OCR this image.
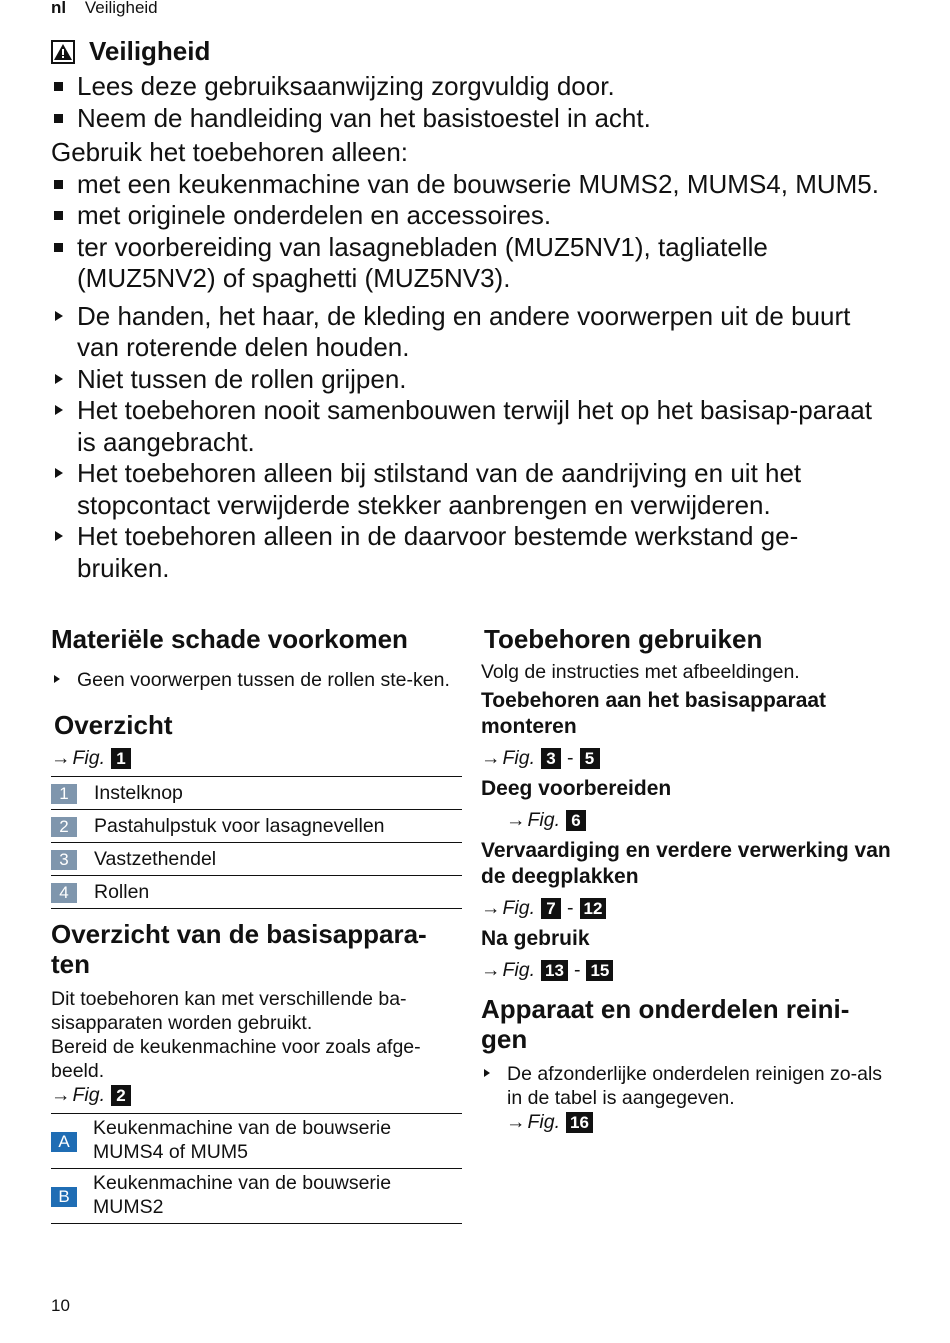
nl Veiligheid
Veiligheid
Lees deze gebruiksaanwijzing zorgvuldig door.
Neem de handleiding van het basistoestel in acht.

Gebruik het toebehoren alleen:

met een keukenmachine van de bouwserie MUMS2, MUMS4, MUM5.
met originele onderdelen en accessoires.
ter voorbereiding van lasagnebladen (MUZ5NV1), tagliatelle (MUZ5NV2) of spaghetti (MUZ5NV3).
De handen, het haar, de kleding en andere voorwerpen uit de buurt van roterende delen houden.
Niet tussen de rollen grijpen.
Het toebehoren nooit samenbouwen terwijl het op het basisap-paraat is aangebracht.
Het toebehoren alleen bij stilstand van de aandrijving en uit het stopcontact verwijderde stekker aanbrengen en verwijderen.
Het toebehoren alleen in de daarvoor bestemde werkstand ge-bruiken.
Materiële schade voorkomen
Geen voorwerpen tussen de rollen ste-ken.
Overzicht
→ Fig. 1
1	Instelknop
2	Pastahulpstuk voor lasagnevellen
3	Vastzethendel
4	Rollen
Overzicht van de basisappara-ten

Dit toebehoren kan met verschillende ba-sisapparaten worden gebruikt.

Bereid de keukenmachine voor zoals afge-beeld.

→ Fig. 2
A	Keukenmachine van de bouwserie MUMS4 of MUM5
B	Keukenmachine van de bouwserie MUMS2
Toebehoren gebruiken

Volg de instructies met afbeeldingen.

Toebehoren aan het basisapparaat monteren
→ Fig. 3 - 5
Deeg voorbereiden
→ Fig. 6
Vervaardiging en verdere verwerking van de deegplakken
→ Fig. 7 - 12
Na gebruik
→ Fig. 13 - 15
Apparaat en onderdelen reini-gen
De afzonderlijke onderdelen reinigen zo-als in de tabel is aangegeven.
→ Fig. 16
10
